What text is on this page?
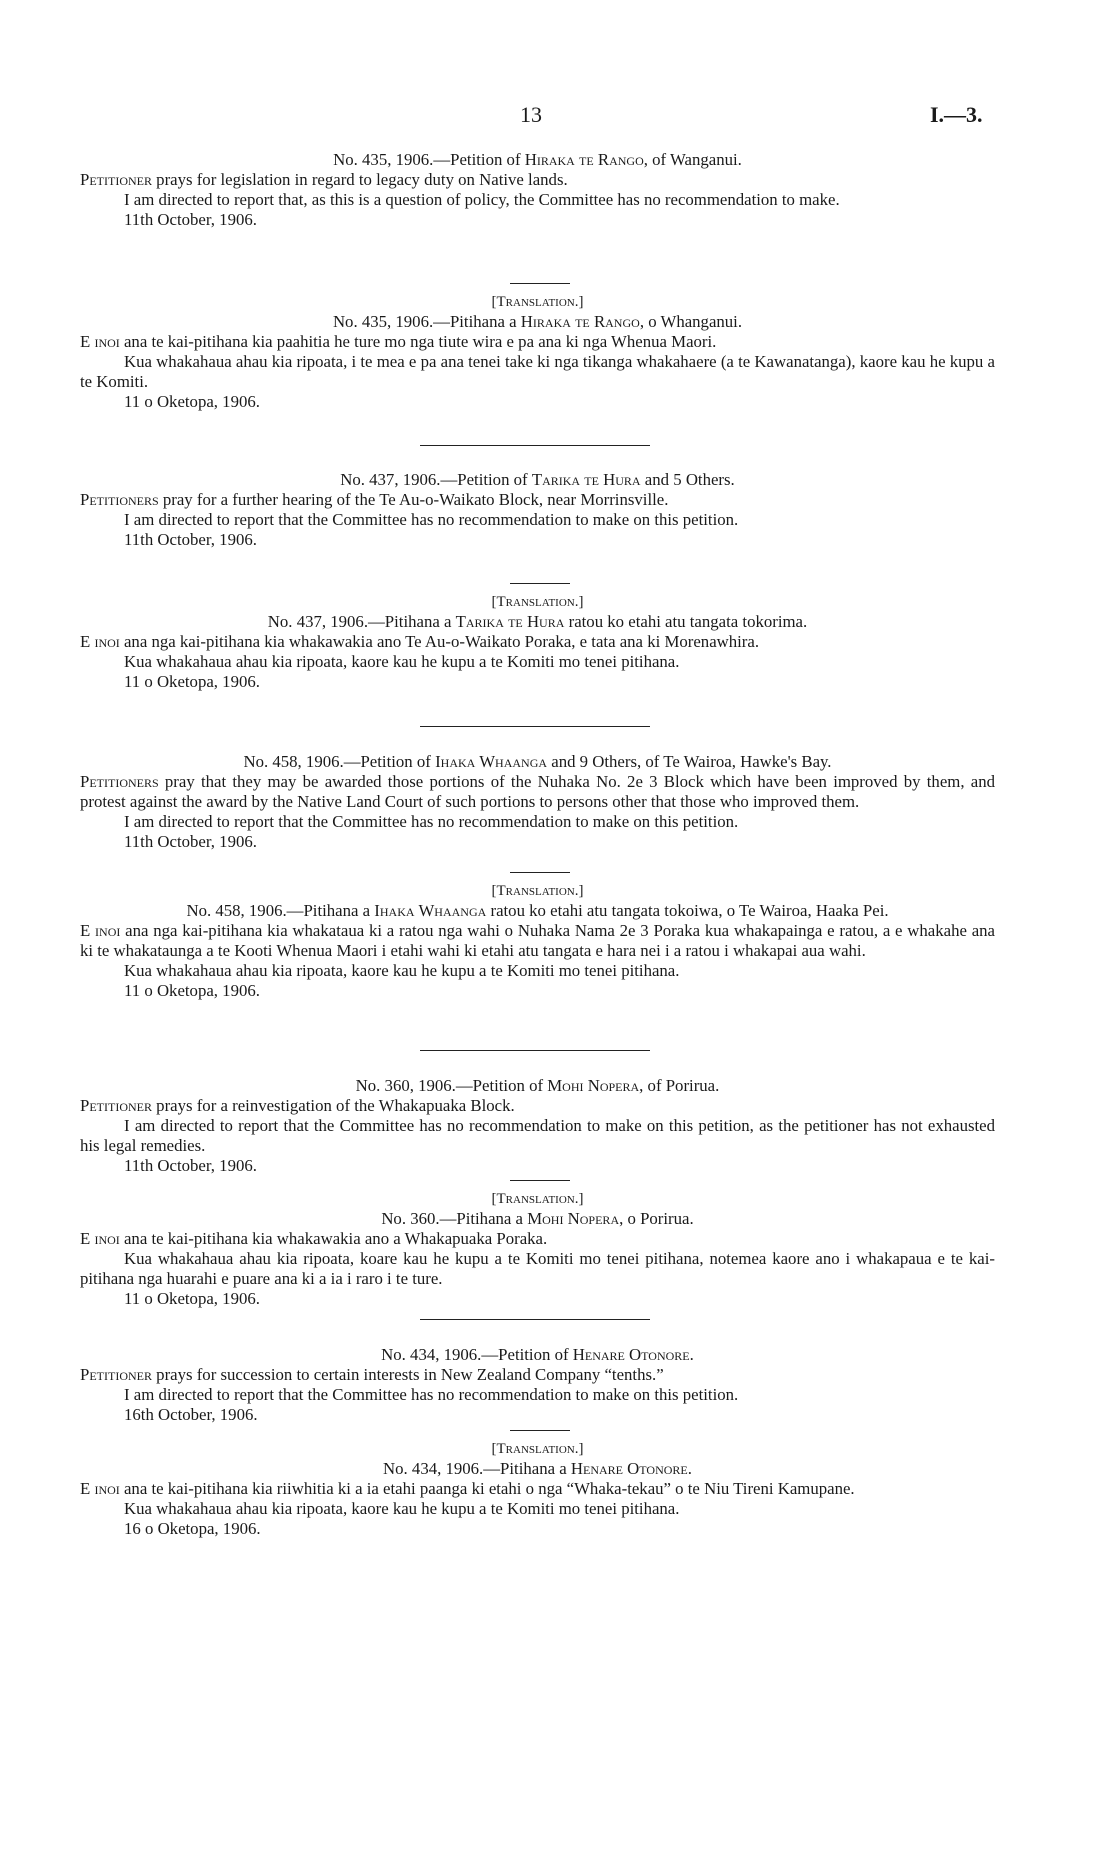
13	I.—3.
No. 435, 1906.—Petition of Hiraka te Rango, of Wanganui.
Petitioner prays for legislation in regard to legacy duty on Native lands.
I am directed to report that, as this is a question of policy, the Committee has no recommendation to make.
11th October, 1906.
[Translation.]
No. 435, 1906.—Pitihana a Hiraka te Rango, o Whanganui.
E inoi ana te kai-pitihana kia paahitia he ture mo nga tiute wira e pa ana ki nga Whenua Maori.
Kua whakahaua ahau kia ripoata, i te mea e pa ana tenei take ki nga tikanga whakahaere (a te Kawanatanga), kaore kau he kupu a te Komiti.
11 o Oketopa, 1906.
No. 437, 1906.—Petition of Tarika te Hura and 5 Others.
Petitioners pray for a further hearing of the Te Au-o-Waikato Block, near Morrinsville.
I am directed to report that the Committee has no recommendation to make on this petition.
11th October, 1906.
[Translation.]
No. 437, 1906.—Pitihana a Tarika te Hura ratou ko etahi atu tangata tokorima.
E inoi ana nga kai-pitihana kia whakawakia ano Te Au-o-Waikato Poraka, e tata ana ki Morenawhira.
Kua whakahaua ahau kia ripoata, kaore kau he kupu a te Komiti mo tenei pitihana.
11 o Oketopa, 1906.
No. 458, 1906.—Petition of Ihaka Whaanga and 9 Others, of Te Wairoa, Hawke's Bay.
Petitioners pray that they may be awarded those portions of the Nuhaka No. 2e 3 Block which have been improved by them, and protest against the award by the Native Land Court of such portions to persons other that those who improved them.
I am directed to report that the Committee has no recommendation to make on this petition.
11th October, 1906.
[Translation.]
No. 458, 1906.—Pitihana a Ihaka Whaanga ratou ko etahi atu tangata tokoiwa, o Te Wairoa, Haaka Pei.
E inoi ana nga kai-pitihana kia whakataua ki a ratou nga wahi o Nuhaka Nama 2e 3 Poraka kua whakapainga e ratou, a e whakahe ana ki te whakataunga a te Kooti Whenua Maori i etahi wahi ki etahi atu tangata e hara nei i a ratou i whakapai aua wahi.
Kua whakahaua ahau kia ripoata, kaore kau he kupu a te Komiti mo tenei pitihana.
11 o Oketopa, 1906.
No. 360, 1906.—Petition of Mohi Nopera, of Porirua.
Petitioner prays for a reinvestigation of the Whakapuaka Block.
I am directed to report that the Committee has no recommendation to make on this petition, as the petitioner has not exhausted his legal remedies.
11th October, 1906.
[Translation.]
No. 360.—Pitihana a Mohi Nopera, o Porirua.
E inoi ana te kai-pitihana kia whakawakia ano a Whakapuaka Poraka.
Kua whakahaua ahau kia ripoata, koare kau he kupu a te Komiti mo tenei pitihana, notemea kaore ano i whakapaua e te kai-pitihana nga huarahi e puare ana ki a ia i raro i te ture.
11 o Oketopa, 1906.
No. 434, 1906.—Petition of Henare Otonore.
Petitioner prays for succession to certain interests in New Zealand Company “tenths.”
I am directed to report that the Committee has no recommendation to make on this petition.
16th October, 1906.
[Translation.]
No. 434, 1906.—Pitihana a Henare Otonore.
E inoi ana te kai-pitihana kia riiwhitia ki a ia etahi paanga ki etahi o nga “Whaka-tekau” o te Niu Tireni Kamupane.
Kua whakahaua ahau kia ripoata, kaore kau he kupu a te Komiti mo tenei pitihana.
16 o Oketopa, 1906.
